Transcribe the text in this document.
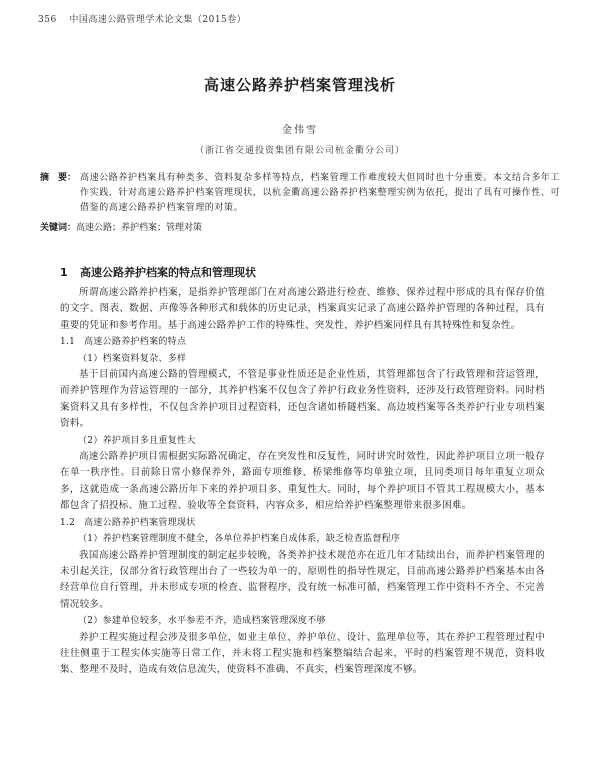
356 中国高速公路管理学术论文集（2015卷）
高速公路养护档案管理浅析
金伟雪
（浙江省交通投资集团有限公司杭金衢分公司）
摘　要： 高速公路养护档案具有种类多、资料复杂多样等特点，档案管理工作难度较大但同时也十分重要。本文结合多年工作实践，针对高速公路养护档案管理现状，以杭金衢高速公路养护档案整理实例为依托，提出了具有可操作性、可借鉴的高速公路养护档案管理的对策。
关键词：高速公路；养护档案；管理对策
1 高速公路养护档案的特点和管理现状

所谓高速公路养护档案，是指养护管理部门在对高速公路进行检查、维修、保养过程中形成的具有保存价值的文字、图表、数据、声像等各种形式和载体的历史记录，档案真实记录了高速公路养护管理的各种过程，具有重要的凭证和参考作用。基于高速公路养护工作的特殊性、突发性，养护档案同样具有其特殊性和复杂性。

1.1 高速公路养护档案的特点
（1）档案资料复杂、多样

基于目前国内高速公路的管理模式，不管是事业性质还是企业性质，其管理都包含了行政管理和营运管理，而养护管理作为营运管理的一部分，其养护档案不仅包含了养护行政业务性资料，还涉及行政管理资料。同时档案资料又具有多样性，不仅包含养护项目过程资料，还包含诸如桥隧档案、高边坡档案等各类养护行业专项档案资料。

（2）养护项目多且重复性大

高速公路养护项目需根据实际路况确定，存在突发性和反复性，同时讲究时效性，因此养护项目立项一般存在单一秩序性。目前除日常小修保养外，路面专项维修、桥梁维修等均单独立项，且同类项目每年重复立项众多，这就造成一条高速公路历年下来的养护项目多、重复性大。同时，每个养护项目不管其工程规模大小，基本都包含了招投标、施工过程、验收等全套资料，内容众多，相应给养护档案整理带来很多困难。

1.2 高速公路养护档案管理现状
（1）养护档案管理制度不健全，各单位养护档案自成体系，缺乏检查监督程序

我国高速公路养护管理制度的制定起步较晚，各类养护技术规范亦在近几年才陆续出台，而养护档案管理的未引起关注，仅部分省行政管理出台了一些较为单一的、原则性的指导性规定，目前高速公路养护档案基本由各经营单位自行管理，并未形成专项的检查、监督程序，没有统一标准可循，档案管理工作中资料不齐全、不完善情况较多。

（2）参建单位较多，水平参差不齐，造成档案管理深度不够

养护工程实施过程会涉及很多单位，如业主单位、养护单位、设计、监理单位等，其在养护工程管理过程中往往侧重于工程实体实施等日常工作，并未将工程实施和档案整编结合起来，平时的档案管理不规范，资料收集、整理不及时，造成有效信息流失，使资料不准确、不真实，档案管理深度不够。
